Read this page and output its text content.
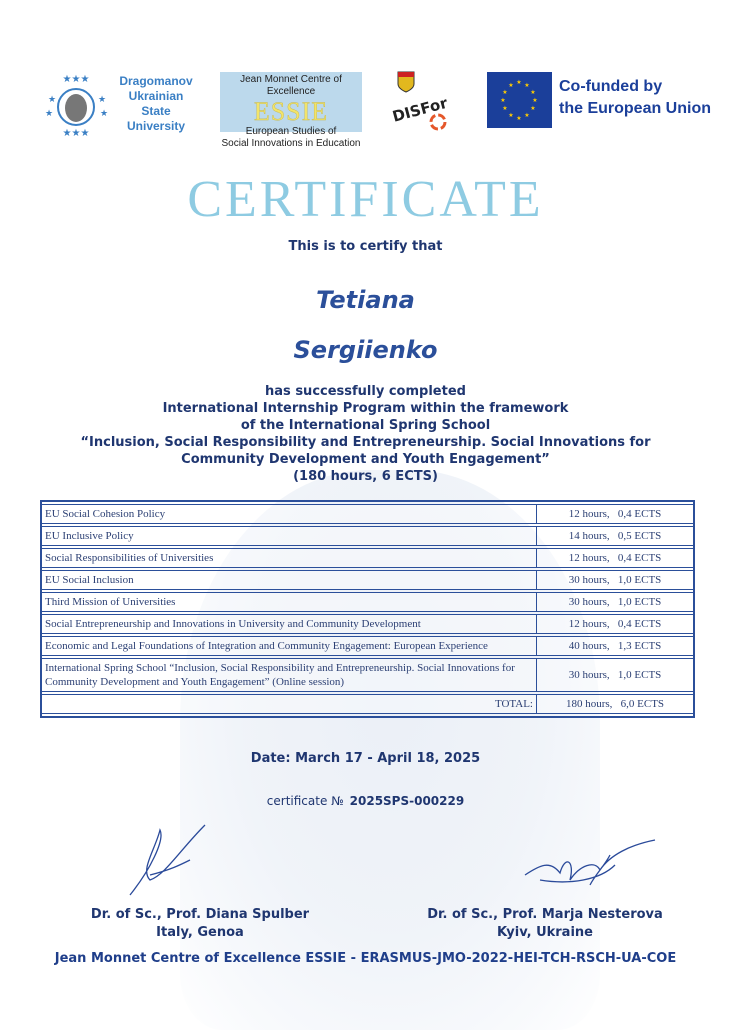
★★★
★	★
★	★
★★★
Dragomanov
Ukrainian
State
University
Jean Monnet Centre of Excellence
ESSIE
European Studies of
Social Innovations in Education
DISFor
★ ★
★
★
★
★
★
★
★
★
★
★	Co-funded by
the European Union
CERTIFICATE
This is to certify that
Tetiana
Sergiienko
has successfully completed
International Internship Program within the framework
of the International Spring School
“Inclusion, Social Responsibility and Entrepreneurship. Social Innovations for
Community Development and Youth Engagement”
(180 hours, 6 ECTS)
EU Social Cohesion Policy	12 hours,   0,4 ECTS
EU Inclusive Policy	14 hours,   0,5 ECTS
Social Responsibilities of Universities	12 hours,   0,4 ECTS
EU Social Inclusion	30 hours,   1,0 ECTS
Third Mission of Universities	30 hours,   1,0 ECTS
Social Entrepreneurship and Innovations in University and Community Development	12 hours,   0,4 ECTS
Economic and Legal Foundations of Integration and Community Engagement: European Experience	40 hours,   1,3 ECTS
International Spring School “Inclusion, Social Responsibility and Entrepreneurship. Social Innovations for Community Development and Youth Engagement” (Online session)	30 hours,   1,0 ECTS
TOTAL:	180 hours,   6,0 ECTS
Date: March 17 - April 18, 2025
certificate № 2025SPS-000229
Dr. of Sc., Prof. Diana Spulber
Italy, Genoa
Dr. of Sc., Prof. Marja Nesterova
Kyiv, Ukraine
Jean Monnet Centre of Excellence ESSIE - ERASMUS-JMO-2022-HEI-TCH-RSCH-UA-COE
